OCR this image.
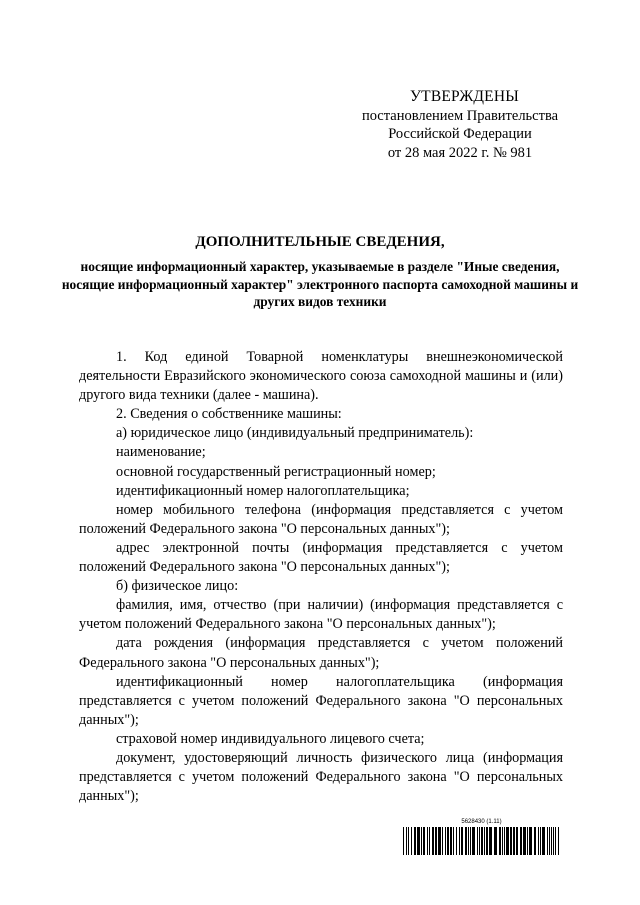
УТВЕРЖДЕНЫ
постановлением Правительства
Российской Федерации
от 28 мая 2022 г. № 981
ДОПОЛНИТЕЛЬНЫЕ СВЕДЕНИЯ,
носящие информационный характер, указываемые в разделе "Иные сведения, носящие информационный характер" электронного паспорта самоходной машины и других видов техники

1. Код единой Товарной номенклатуры внешнеэкономической деятельности Евразийского экономического союза самоходной машины и (или) другого вида техники (далее - машина).

2. Сведения о собственнике машины:

а) юридическое лицо (индивидуальный предприниматель):

наименование;

основной государственный регистрационный номер;

идентификационный номер налогоплательщика;

номер мобильного телефона (информация представляется с учетом положений Федерального закона "О персональных данных");

адрес электронной почты (информация представляется с учетом положений Федерального закона "О персональных данных");

б) физическое лицо:

фамилия, имя, отчество (при наличии) (информация представляется с учетом положений Федерального закона "О персональных данных");

дата рождения (информация представляется с учетом положений Федерального закона "О персональных данных");

идентификационный номер налогоплательщика (информация представляется с учетом положений Федерального закона "О персональных данных");

страховой номер индивидуального лицевого счета;

документ, удостоверяющий личность физического лица (информация представляется с учетом положений Федерального закона "О персональных данных");

5628430 (1.11)
